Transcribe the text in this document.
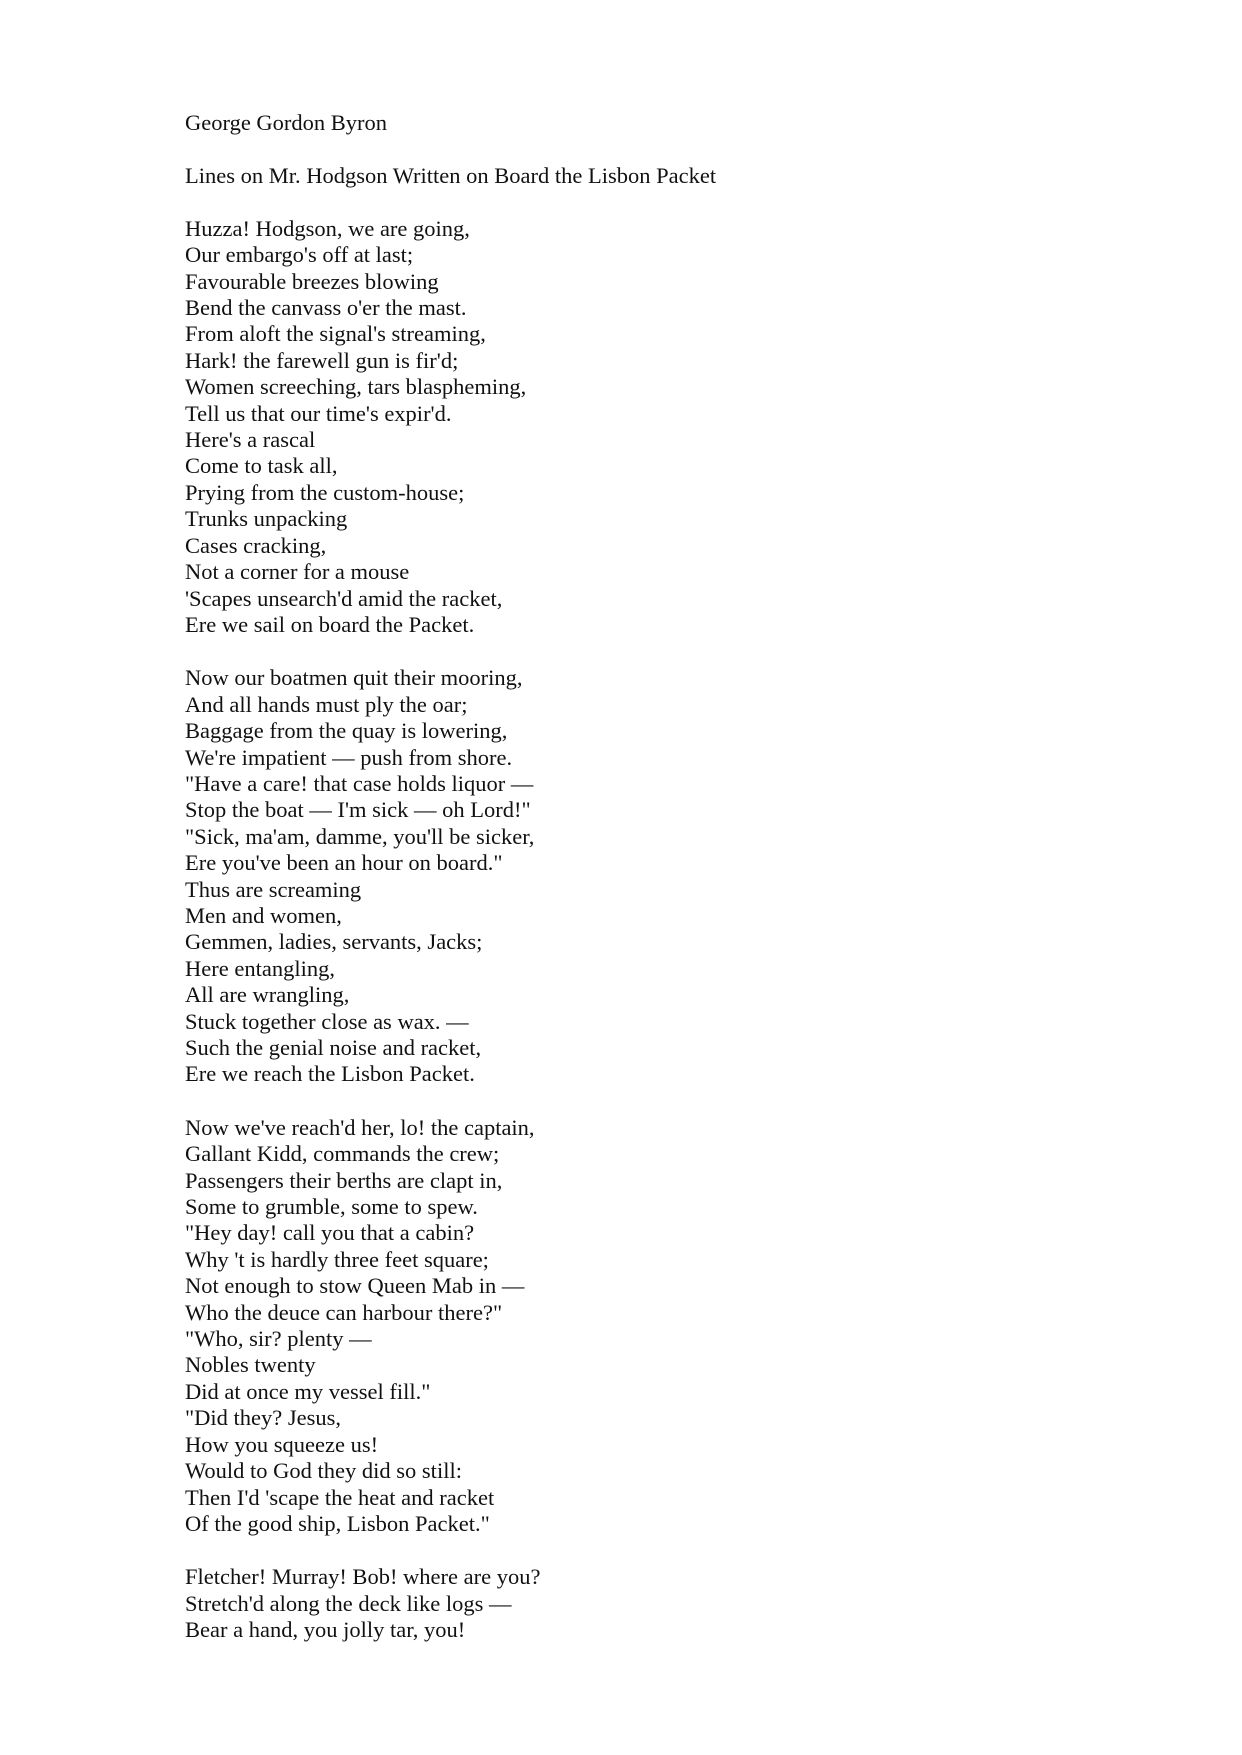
George Gordon Byron
Lines on Mr. Hodgson Written on Board the Lisbon Packet
Huzza! Hodgson, we are going,
Our embargo's off at last;
Favourable breezes blowing
Bend the canvass o'er the mast.
From aloft the signal's streaming,
Hark! the farewell gun is fir'd;
Women screeching, tars blaspheming,
Tell us that our time's expir'd.
Here's a rascal
Come to task all,
Prying from the custom-house;
Trunks unpacking
Cases cracking,
Not a corner for a mouse
'Scapes unsearch'd amid the racket,
Ere we sail on board the Packet.
Now our boatmen quit their mooring,
And all hands must ply the oar;
Baggage from the quay is lowering,
We're impatient — push from shore.
"Have a care! that case holds liquor —
Stop the boat — I'm sick — oh Lord!"
"Sick, ma'am, damme, you'll be sicker,
Ere you've been an hour on board."
Thus are screaming
Men and women,
Gemmen, ladies, servants, Jacks;
Here entangling,
All are wrangling,
Stuck together close as wax. —
Such the genial noise and racket,
Ere we reach the Lisbon Packet.
Now we've reach'd her, lo! the captain,
Gallant Kidd, commands the crew;
Passengers their berths are clapt in,
Some to grumble, some to spew.
"Hey day! call you that a cabin?
Why 't is hardly three feet square;
Not enough to stow Queen Mab in —
Who the deuce can harbour there?"
"Who, sir? plenty —
Nobles twenty
Did at once my vessel fill."
"Did they? Jesus,
How you squeeze us!
Would to God they did so still:
Then I'd 'scape the heat and racket
Of the good ship, Lisbon Packet."
Fletcher! Murray! Bob! where are you?
Stretch'd along the deck like logs —
Bear a hand, you jolly tar, you!
